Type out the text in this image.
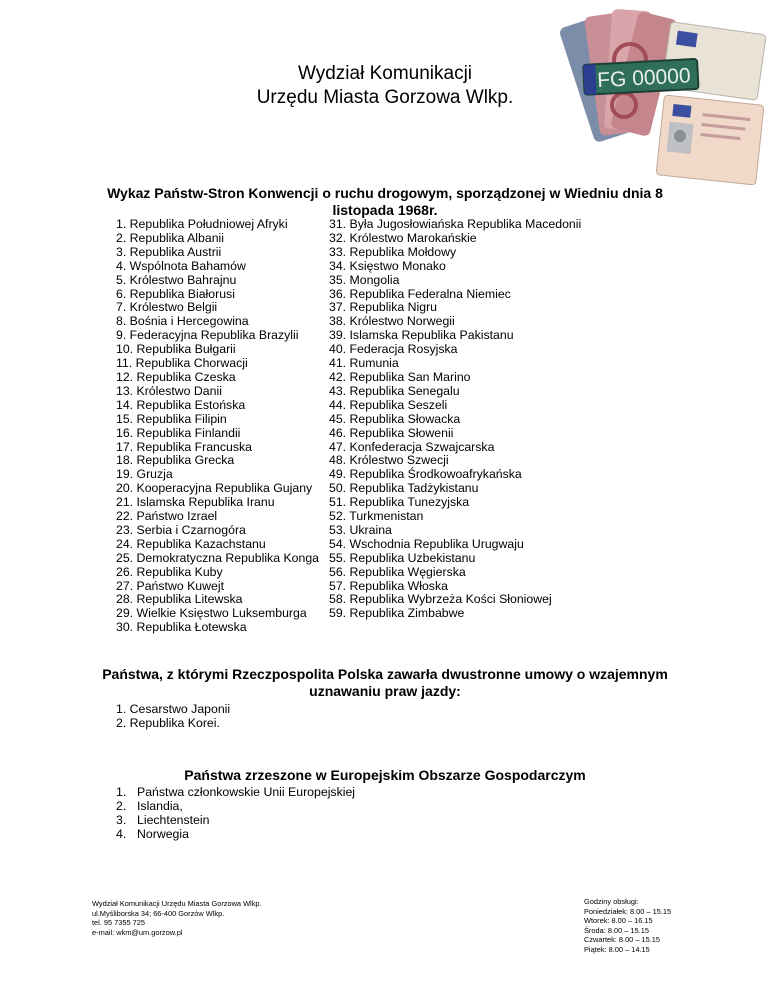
Wydział Komunikacji
Urzędu Miasta Gorzowa Wlkp.
FG 00000
Wykaz Państw-Stron Konwencji o ruchu drogowym, sporządzonej w Wiedniu dnia 8 listopada 1968r.
1. Republika Południowej Afryki
2. Republika Albanii
3. Republika Austrii
4. Wspólnota Bahamów
5. Królestwo Bahrajnu
6. Republika Białorusi
7. Królestwo Belgii
8. Bośnia i Hercegowina
9. Federacyjna Republika Brazylii
10. Republika Bułgarii
11. Republika Chorwacji
12. Republika Czeska
13. Królestwo Danii
14. Republika Estońska
15. Republika Filipin
16. Republika Finlandii
17. Republika Francuska
18. Republika Grecka
19. Gruzja
20. Kooperacyjna Republika Gujany
21. Islamska Republika Iranu
22. Państwo Izrael
23. Serbia i Czarnogóra
24. Republika Kazachstanu
25. Demokratyczna Republika Konga
26. Republika Kuby
27. Państwo Kuwejt
28. Republika Litewska
29. Wielkie Księstwo Luksemburga
30. Republika Łotewska
31. Była Jugosłowiańska Republika Macedonii
32. Królestwo Marokańskie
33. Republika Mołdowy
34. Księstwo Monako
35. Mongolia
36. Republika Federalna Niemiec
37. Republika Nigru
38. Królestwo Norwegii
39. Islamska Republika Pakistanu
40. Federacja Rosyjska
41. Rumunia
42. Republika San Marino
43. Republika Senegalu
44. Republika Seszeli
45. Republika Słowacka
46. Republika Słowenii
47. Konfederacja Szwajcarska
48. Królestwo Szwecji
49. Republika Środkowoafrykańska
50. Republika Tadżykistanu
51. Republika Tunezyjska
52. Turkmenistan
53. Ukraina
54. Wschodnia Republika Urugwaju
55. Republika Uzbekistanu
56. Republika Węgierska
57. Republika Włoska
58. Republika Wybrzeża Kości Słoniowej
59. Republika Zimbabwe
Państwa, z którymi Rzeczpospolita Polska zawarła dwustronne umowy o wzajemnym uznawaniu praw jazdy:
1. Cesarstwo Japonii
2. Republika Korei.
Państwa zrzeszone w Europejskim Obszarze Gospodarczym
1. Państwa członkowskie Unii Europejskiej
2. Islandia,
3. Liechtenstein
4. Norwegia
Wydział Komunikacji Urzędu Miasta Gorzowa Wlkp.
ul.Myśliborska 34; 66-400 Gorzów Wlkp.
tel. 95 7355 725
e-mail: wkm@um.gorzow.pl
Godziny obsługi:
Poniedziałek: 8.00 – 15.15
Wtorek: 8.00 – 16.15
Środa: 8.00 – 15.15
Czwartek: 8.00 – 15.15
Piątek: 8.00 – 14.15
